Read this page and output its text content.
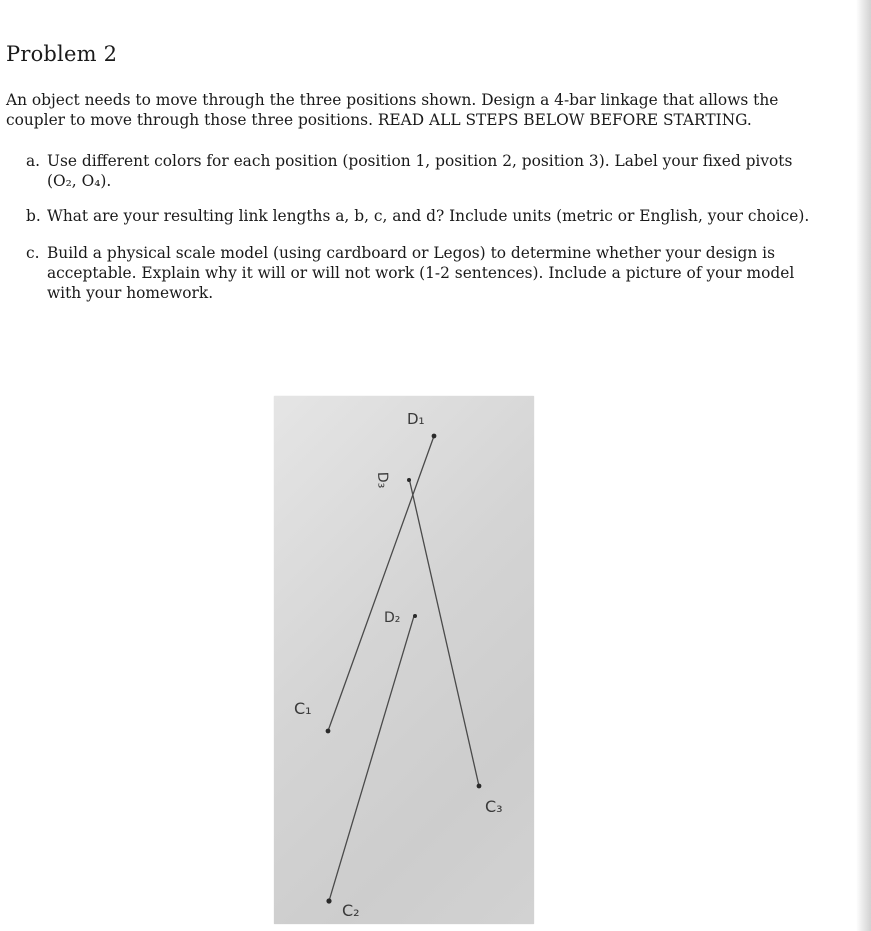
Problem 2
An object needs to move through the three positions shown. Design a 4-bar linkage that allows the
coupler to move through those three positions. READ ALL STEPS BELOW BEFORE STARTING.
a. Use different colors for each position (position 1, position 2, position 3). Label your fixed pivots
(O₂, O₄).
b. What are your resulting link lengths a, b, c, and d? Include units (metric or English, your choice).
c. Build a physical scale model (using cardboard or Legos) to determine whether your design is
acceptable. Explain why it will or will not work (1-2 sentences). Include a picture of your model
with your homework.
D₁
D₃
D₂
C₁
C₃
C₂
